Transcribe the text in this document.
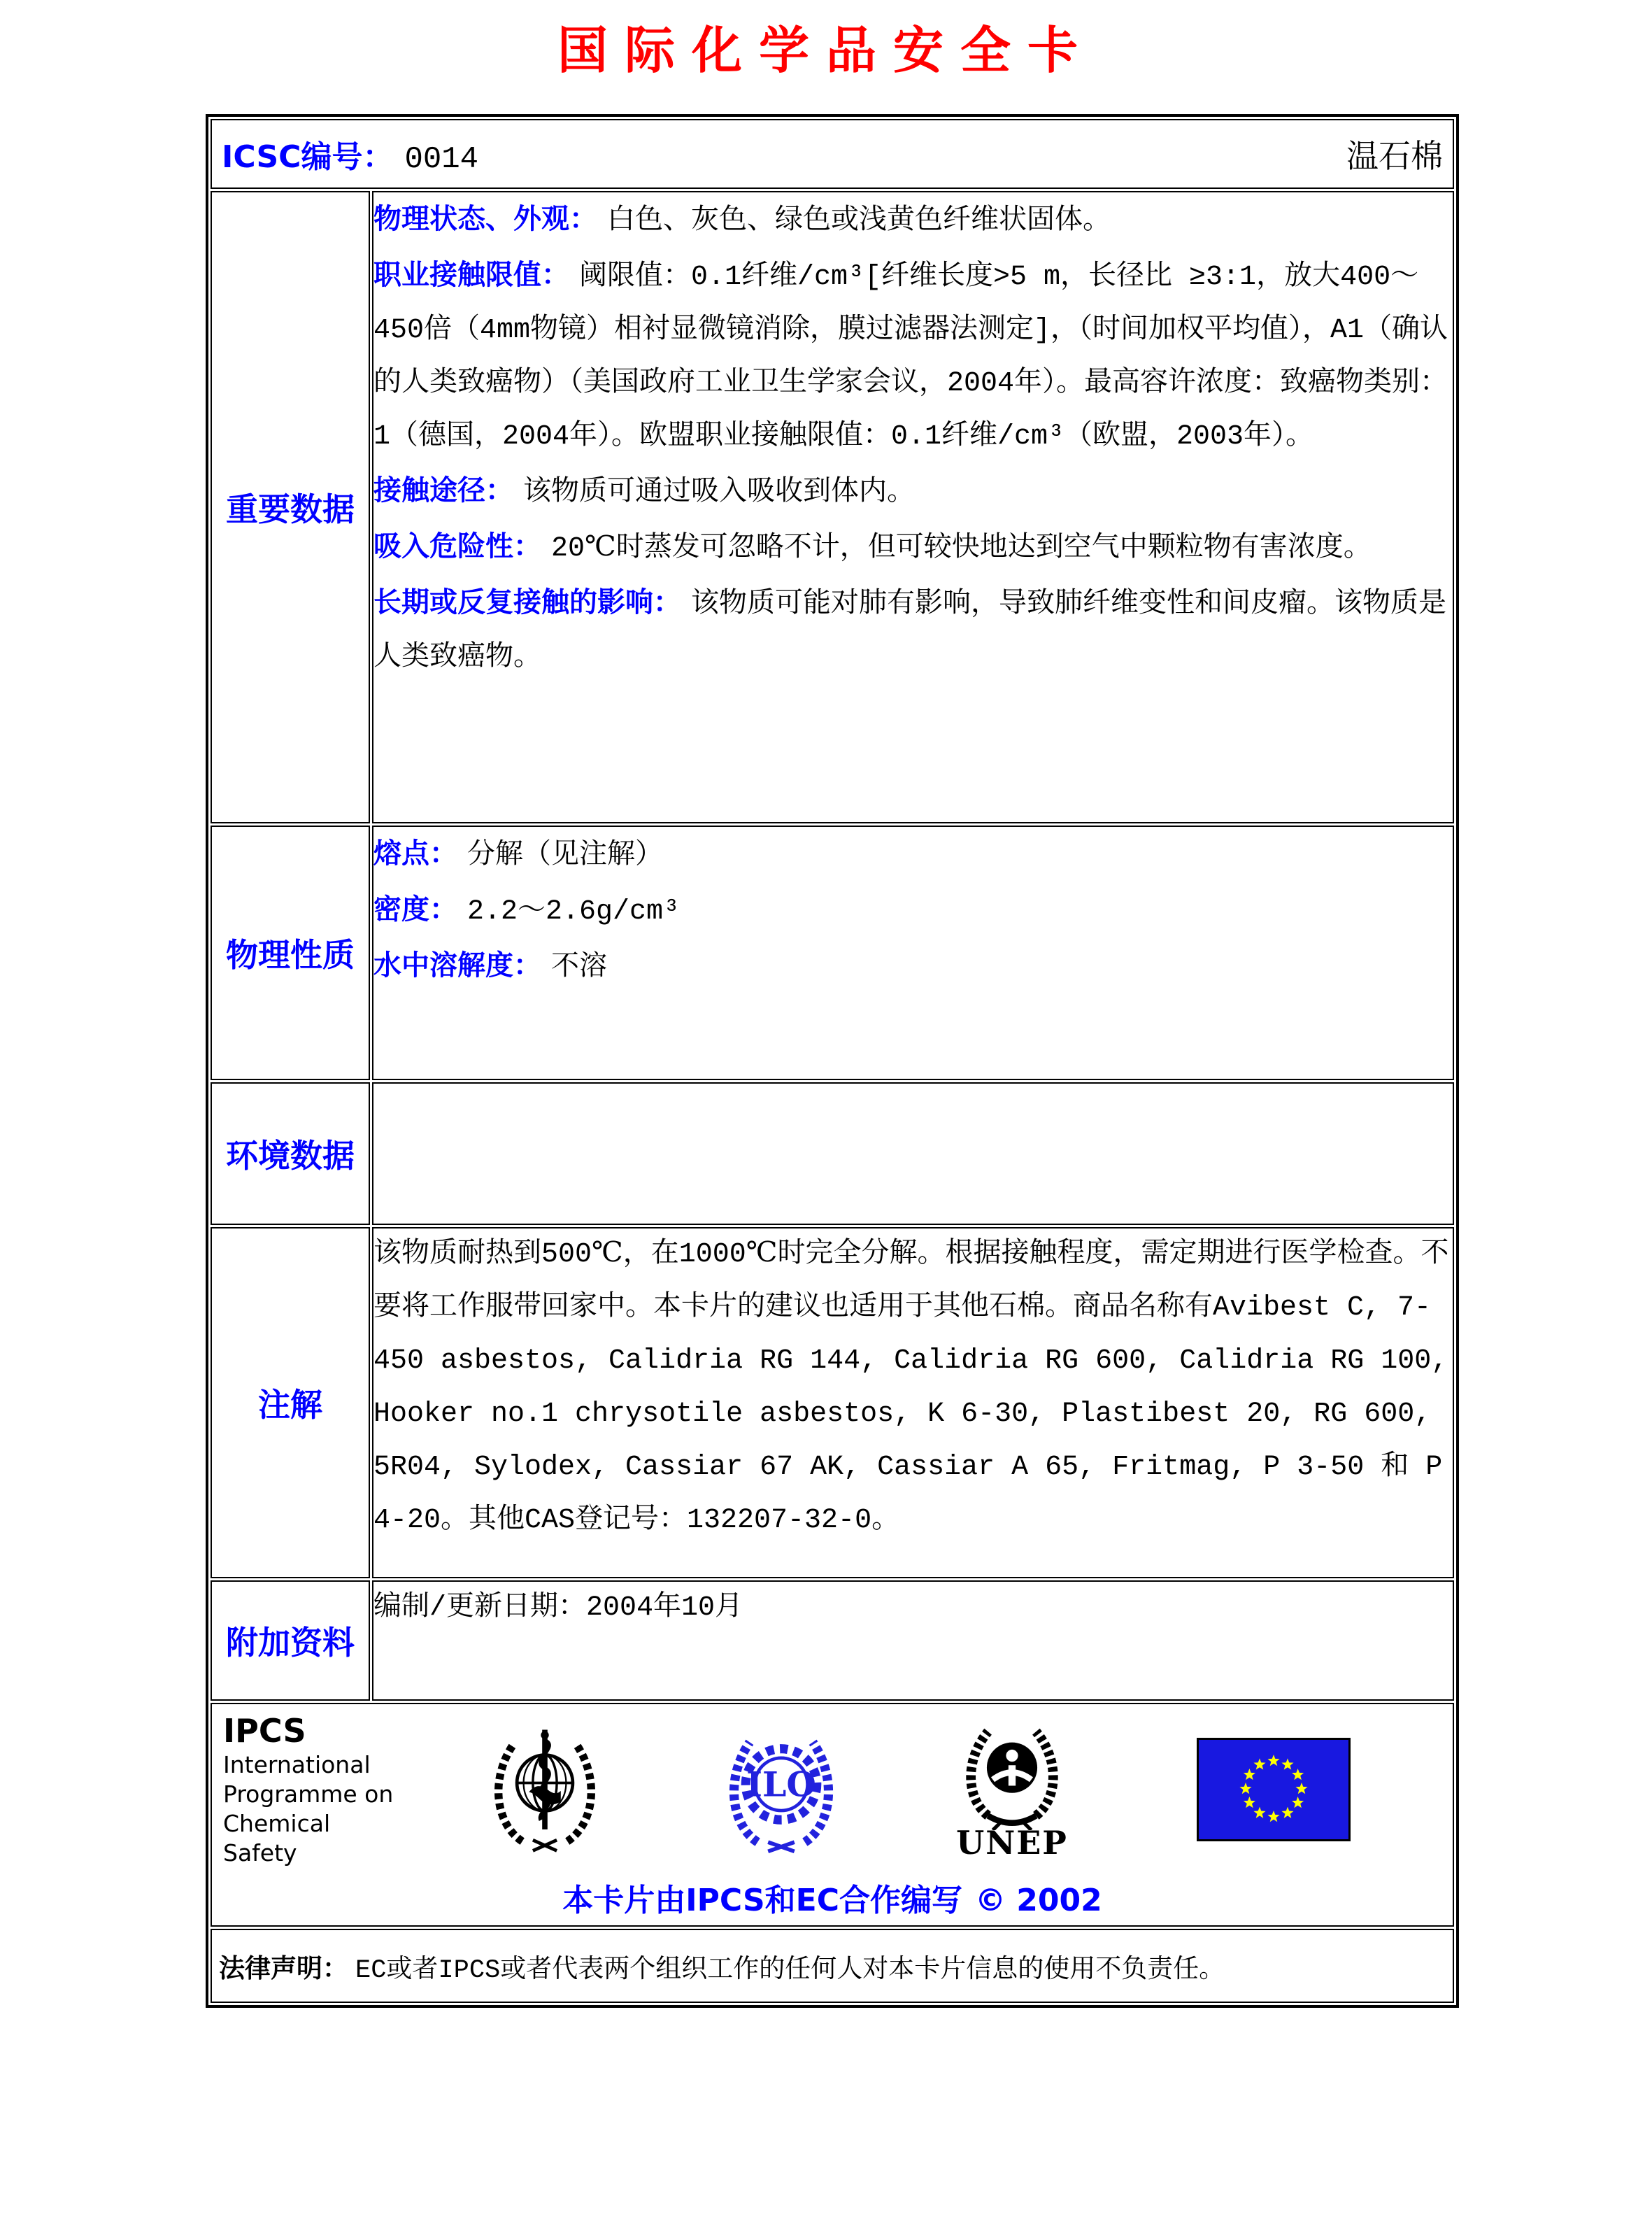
国际化学品安全卡
ICSC编号： 0014 温石棉	

重要数据	物理状态、外观： 白色、灰色、绿色或浅黄色纤维状固体。

职业接触限值： 阈限值：0.1纤维/cm³[纤维长度>5 m，长径比 ≥3:1，放大400～450倍（4mm物镜）相衬显微镜消除，膜过滤器法测定]，（时间加权平均值），A1（确认的人类致癌物）（美国政府工业卫生学家会议，2004年）。最高容许浓度：致癌物类别：1（德国，2004年）。欧盟职业接触限值：0.1纤维/cm³（欧盟，2003年）。

接触途径： 该物质可通过吸入吸收到体内。

吸入危险性： 20℃时蒸发可忽略不计，但可较快地达到空气中颗粒物有害浓度。

长期或反复接触的影响： 该物质可能对肺有影响，导致肺纤维变性和间皮瘤。该物质是人类致癌物。

物理性质	熔点： 分解（见注解）

密度： 2.2～2.6g/cm³

水中溶解度： 不溶

环境数据	
注解	该物质耐热到500℃，在1000℃时完全分解。根据接触程度，需定期进行医学检查。不要将工作服带回家中。本卡片的建议也适用于其他石棉。商品名称有Avibest C, 7-450 asbestos, Calidria RG 144, Calidria RG 600, Calidria RG 100, Hooker no.1 chrysotile asbestos, K 6-30, Plastibest 20, RG 600, 5R04, Sylodex, Cassiar 67 AK, Cassiar A 65, Fritmag, P 3-50 和 P 4-20。其他CAS登记号：132207-32-0。
附加资料	编制/更新日期：2004年10月

IPCS
International
Programme on
Chemical Safety
ILO
UNEP
本卡片由IPCS和EC合作编写 © 2002

法律声明： EC或者IPCS或者代表两个组织工作的任何人对本卡片信息的使用不负责任。	
